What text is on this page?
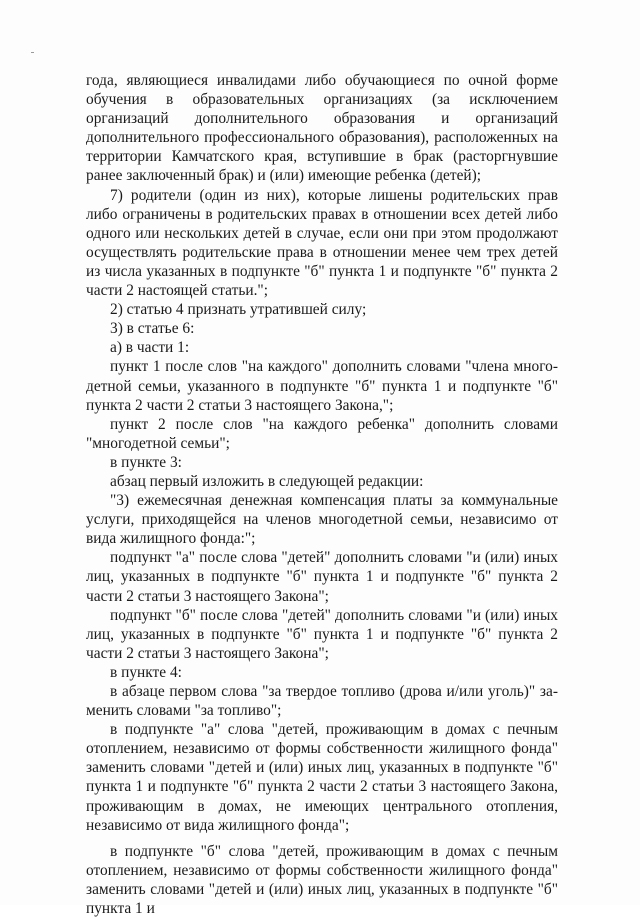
года, являющиеся инвалидами либо обучающиеся по очной форме обучения в образовательных организациях (за исключением организаций дополнительного образования и организаций дополнительного профессионального образования), расположенных на территории Камчатского края, вступившие в брак (расторгнувшие ранее заключенный брак) и (или) имеющие ребенка (детей);

7) родители (один из них), которые лишены родительских прав либо ограничены в родительских правах в отношении всех детей либо одного или нескольких детей в случае, если они при этом продолжают осуществлять родительские права в отношении менее чем трех детей из числа указанных в подпункте "б" пункта 1 и подпункте "б" пункта 2 части 2 настоящей статьи.";

2) статью 4 признать утратившей силу;

3) в статье 6:

а) в части 1:

пункт 1 после слов "на каждого" дополнить словами "члена многодетной семьи, указанного в подпункте "б" пункта 1 и подпункте "б" пункта 2 части 2 статьи 3 настоящего Закона,";

пункт 2 после слов "на каждого ребенка" дополнить словами "многодетной семьи";

в пункте 3:

абзац первый изложить в следующей редакции:

"3) ежемесячная денежная компенсация платы за коммунальные услуги, приходящейся на членов многодетной семьи, независимо от вида жилищного фонда:";

подпункт "а" после слова "детей" дополнить словами "и (или) иных лиц, указанных в подпункте "б" пункта 1 и подпункте "б" пункта 2 части 2 статьи 3 настоящего Закона";

подпункт "б" после слова "детей" дополнить словами "и (или) иных лиц, указанных в подпункте "б" пункта 1 и подпункте "б" пункта 2 части 2 статьи 3 настоящего Закона";

в пункте 4:

в абзаце первом слова "за твердое топливо (дрова и/или уголь)" заменить словами "за топливо";

в подпункте "а" слова "детей, проживающим в домах с печным отоплением, независимо от формы собственности жилищного фонда" заменить словами "детей и (или) иных лиц, указанных в подпункте "б" пункта 1 и подпункте "б" пункта 2 части 2 статьи 3 настоящего Закона, проживающим в домах, не имеющих центрального отопления, независимо от вида жилищного фонда";

в подпункте "б" слова "детей, проживающим в домах с печным отоплением, независимо от формы собственности жилищного фонда" заменить словами "детей и (или) иных лиц, указанных в подпункте "б" пункта 1 и
